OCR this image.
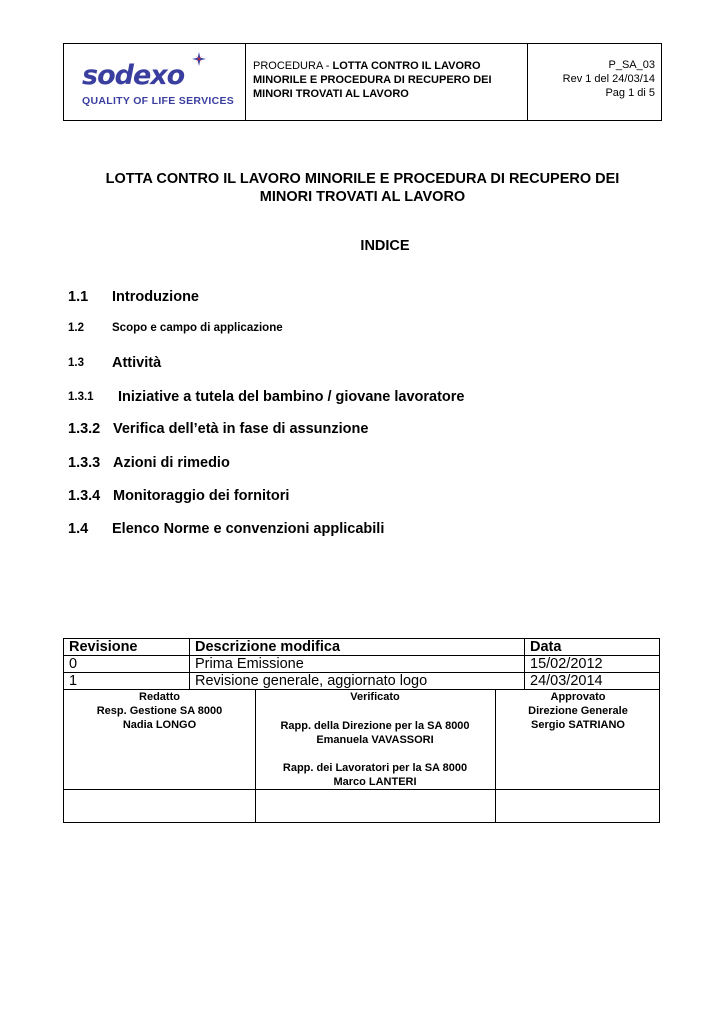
sodexo
QUALITY OF LIFE SERVICES
PROCEDURA - LOTTA CONTRO IL LAVORO
MINORILE E PROCEDURA DI RECUPERO DEI
MINORI TROVATI AL LAVORO
P_SA_03
Rev 1 del 24/03/14
Pag 1 di 5
LOTTA CONTRO IL LAVORO MINORILE E PROCEDURA DI RECUPERO DEI
MINORI TROVATI AL LAVORO
INDICE
1.1 Introduzione
1.2 Scopo e campo di applicazione
1.3 Attività
1.3.1 Iniziative a tutela del bambino / giovane lavoratore
1.3.2 Verifica dell’età in fase di assunzione
1.3.3 Azioni di rimedio
1.3.4 Monitoraggio dei fornitori
1.4 Elenco Norme e convenzioni applicabili
Revisione	Descrizione modifica	Data
0	Prima Emissione	15/02/2012
1	Revisione generale, aggiornato logo	24/03/2014
Redatto
Resp. Gestione SA 8000
Nadia LONGO
Verificato
Rapp. della Direzione per la SA 8000
Emanuela VAVASSORI
Rapp. dei Lavoratori per la SA 8000
Marco LANTERI
Approvato
Direzione Generale
Sergio SATRIANO
